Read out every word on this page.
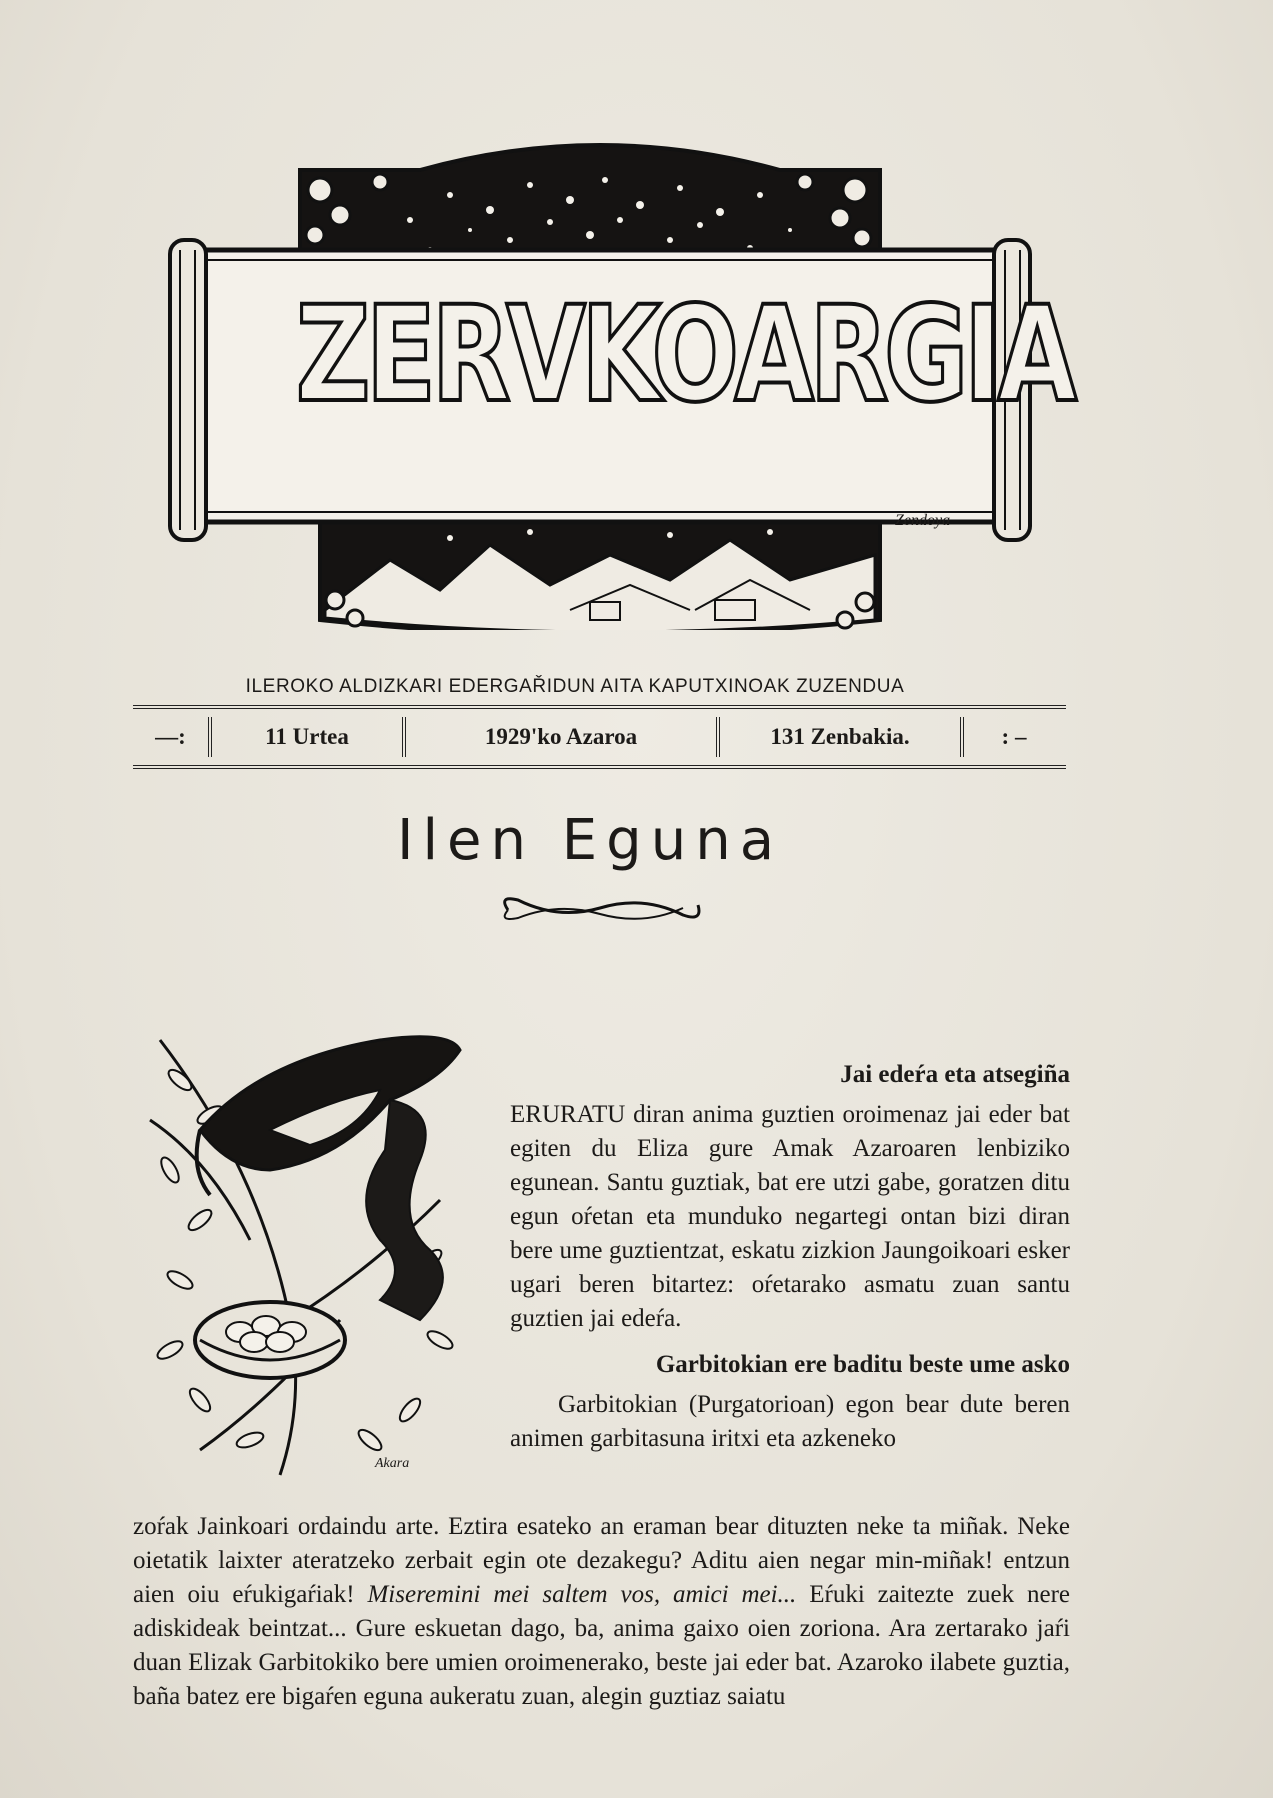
ZERVKO ARGIA
Zendoya
ILEROKO ALDIZKARI EDERGAŘIDUN AITA KAPUTXINOAK ZUZENDUA
—:	11 Urtea	1929'ko Azaroa	131 Zenbakia.	: –
Ilen Eguna
Akara

Jai edeŕa eta atsegiña

ERURATU diran anima guztien oroimenaz jai eder bat egiten du Eliza gure Amak Azaroaren lenbiziko egunean. Santu guztiak, bat ere utzi gabe, goratzen ditu egun oŕetan eta munduko negartegi ontan bizi diran bere ume guztientzat, eskatu zizkion Jaungoikoari esker ugari beren bitartez: oŕetarako asmatu zuan santu guztien jai edeŕa.

Garbitokian ere baditu beste ume asko

Garbitokian (Purgatorioan) egon bear dute beren animen garbitasuna iritxi eta azkeneko

zoŕak Jainkoari ordaindu arte. Eztira esateko an eraman bear dituzten neke ta miñak. Neke oietatik laixter ateratzeko zerbait egin ote dezakegu? Aditu aien negar min-miñak! entzun aien oiu eŕukigaŕiak! Miseremini mei saltem vos, amici mei... Eŕuki zaitezte zuek nere adiskideak beintzat... Gure eskuetan dago, ba, anima gaixo oien zoriona. Ara zertarako jaŕi duan Elizak Garbitokiko bere umien oroimenerako, beste jai eder bat. Azaroko ilabete guztia, baña batez ere bigaŕen eguna aukeratu zuan, alegin guztiaz saiatu
